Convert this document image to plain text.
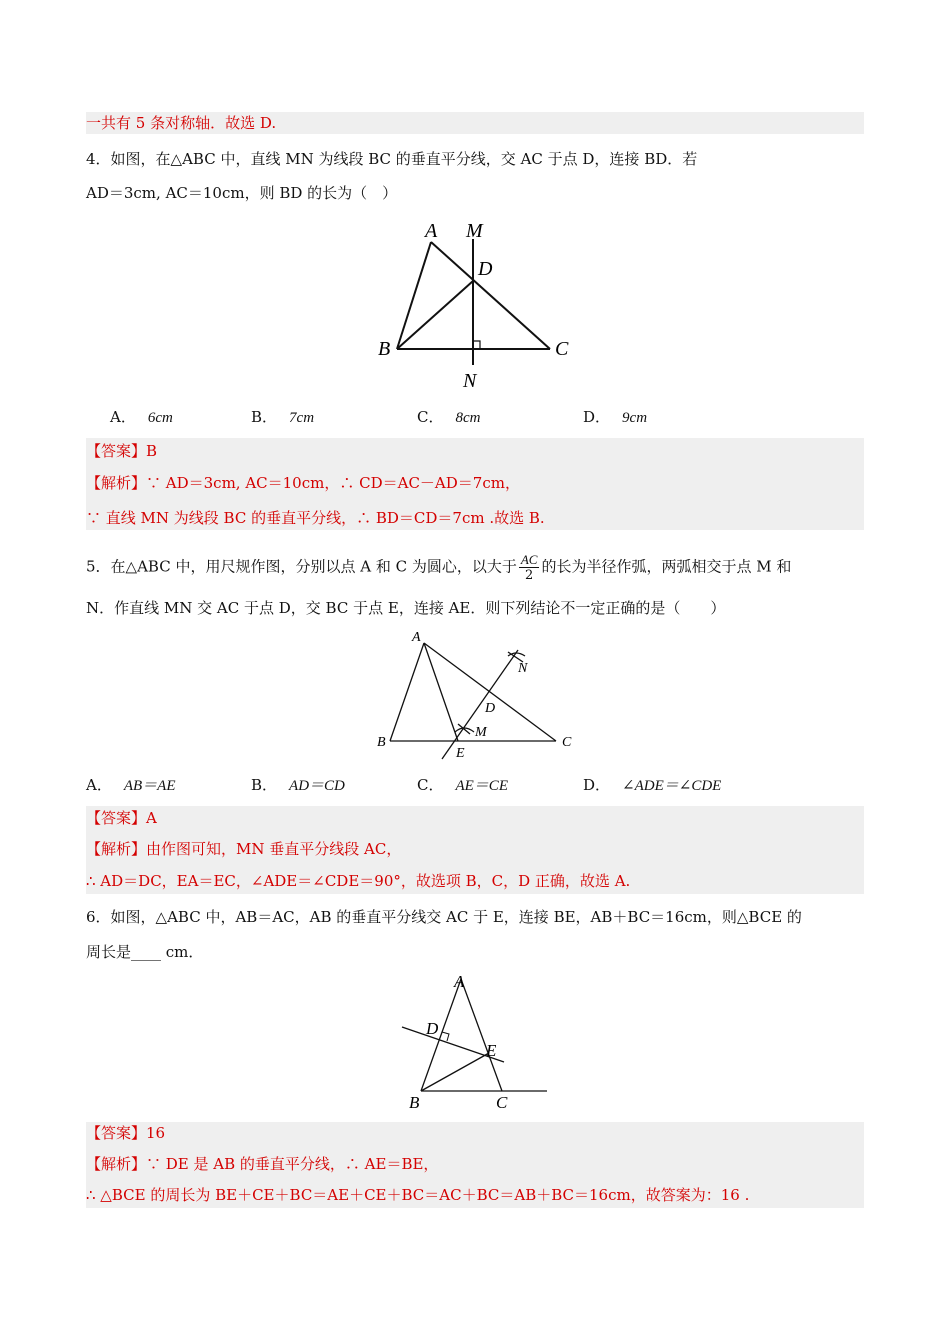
一共有 5 条对称轴．故选 D.
4．如图，在△ABC 中，直线 MN 为线段 BC 的垂直平分线，交 AC 于点 D，连接 BD．若
AD＝3cm, AC＝10cm，则 BD 的长为（　）
A M
D
B	C
N
A． 6cm	B． 7cm	C． 8cm	D． 9cm
【答案】B
【解析】∵ AD＝3cm, AC＝10cm，∴ CD＝AC－AD＝7cm，
∵ 直线 MN 为线段 BC 的垂直平分线，∴ BD＝CD＝7cm .故选 B.
5．在△ABC 中，用尺规作图，分别以点 A 和 C 为圆心，以大于 $\frac{AC}{2}$ 的长为半径作弧，两弧相交于点 M 和
N．作直线 MN 交 AC 于点 D，交 BC 于点 E，连接 AE．则下列结论不一定正确的是（　　）
A
N
D
M
B
E
C
A． AB＝AE	B． AD＝CD	C． AE＝CE	D． ∠ADE＝∠CDE
【答案】A
【解析】由作图可知，MN 垂直平分线段 AC，
∴ AD＝DC，EA＝EC，∠ADE＝∠CDE＝90°，故选项 B，C，D 正确，故选 A.
6．如图，△ABC 中，AB＝AC，AB 的垂直平分线交 AC 于 E，连接 BE，AB＋BC＝16cm，则△BCE 的
周长是____ cm．
A
D
E
B	C
【答案】16
【解析】∵ DE 是 AB 的垂直平分线，∴ AE＝BE，
∴ △BCE 的周长为 BE＋CE＋BC＝AE＋CE＋BC＝AC＋BC＝AB＋BC＝16cm，故答案为：16 .
